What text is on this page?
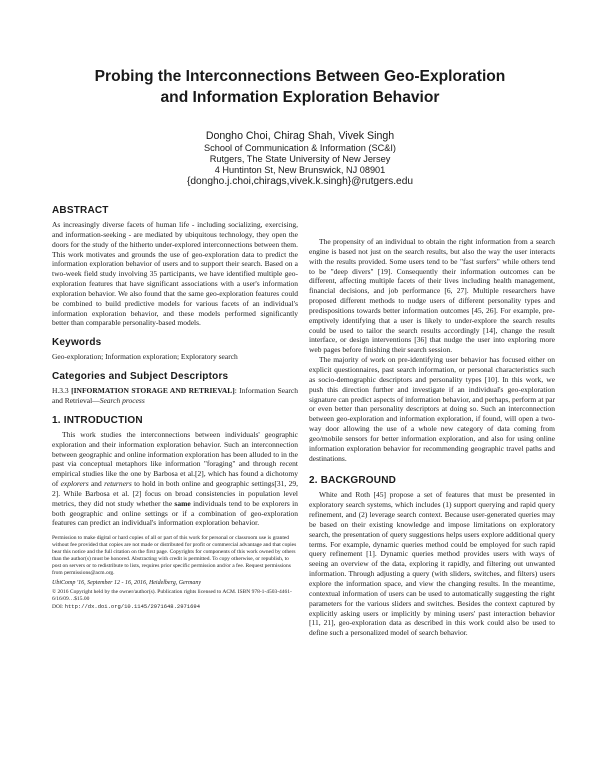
Probing the Interconnections Between Geo-Exploration
and Information Exploration Behavior
Dongho Choi, Chirag Shah, Vivek Singh
School of Communication & Information (SC&I)
Rutgers, The State University of New Jersey
4 Huntinton St, New Brunswick, NJ 08901
{dongho.j.choi,chirags,vivek.k.singh}@rutgers.edu
ABSTRACT

As increasingly diverse facets of human life - including socializing, exercising, and information-seeking - are mediated by ubiquitous technology, they open the doors for the study of the hitherto under-explored interconnections between them. This work motivates and grounds the use of geo-exploration data to predict the information exploration behavior of users and to support their search. Based on a two-week field study involving 35 participants, we have identified multiple geo-exploration features that have significant associations with a user's information exploration behavior. We also found that the same geo-exploration features could be combined to build predictive models for various facets of an individual's information exploration behavior, and these models performed significantly better than comparable personality-based models.

Keywords

Geo-exploration; Information exploration; Exploratory search

Categories and Subject Descriptors

H.3.3 [INFORMATION STORAGE AND RETRIEVAL]: Information Search and Retrieval—Search process

1. INTRODUCTION

This work studies the interconnections between individuals' geographic exploration and their information exploration behavior. Such an interconnection between geographic and online information exploration has been alluded to in the past via conceptual metaphors like information "foraging" and through recent empirical studies like the one by Barbosa et al.[2], which has found a dichotomy of explorers and returners to hold in both online and geographic settings[31, 29, 2]. While Barbosa et al. [2] focus on broad consistencies in population level metrics, they did not study whether the same individuals tend to be explorers in both geographic and online settings or if a combination of geo-exploration features can predict an individual's information exploration behavior.

Permission to make digital or hard copies of all or part of this work for personal or classroom use is granted without fee provided that copies are not made or distributed for profit or commercial advantage and that copies bear this notice and the full citation on the first page. Copyrights for components of this work owned by others than the author(s) must be honored. Abstracting with credit is permitted. To copy otherwise, or republish, to post on servers or to redistribute to lists, requires prior specific permission and/or a fee. Request permissions from permissions@acm.org.

UbiComp '16, September 12 - 16, 2016, Heidelberg, Germany

© 2016 Copyright held by the owner/author(s). Publication rights licensed to ACM. ISBN 978-1-4503-4461-6/16/09…$15.00

DOI: http://dx.doi.org/10.1145/2971648.2971694

The propensity of an individual to obtain the right information from a search engine is based not just on the search results, but also the way the user interacts with the results provided. Some users tend to be "fast surfers" while others tend to be "deep divers" [19]. Consequently their information outcomes can be different, affecting multiple facets of their lives including health management, financial decisions, and job performance [6, 27]. Multiple researchers have proposed different methods to nudge users of different personality types and predispositions towards better information outcomes [45, 26]. For example, pre-emptively identifying that a user is likely to under-explore the search results could be used to tailor the search results accordingly [14], change the result interface, or design interventions [36] that nudge the user into exploring more web pages before finishing their search session.

The majority of work on pre-identifying user behavior has focused either on explicit questionnaires, past search information, or personal characteristics such as socio-demographic descriptors and personality types [10]. In this work, we push this direction further and investigate if an individual's geo-exploration signature can predict aspects of information behavior, and perhaps, perform at par or even better than personality descriptors at doing so. Such an interconnection between geo-exploration and information exploration, if found, will open a two-way door allowing the use of a whole new category of data coming from geo/mobile sensors for better information exploration, and also for using online information exploration behavior for recommending geographic travel paths and destinations.

2. BACKGROUND

White and Roth [45] propose a set of features that must be presented in exploratory search systems, which includes (1) support querying and rapid query refinement, and (2) leverage search context. Because user-generated queries may be based on their existing knowledge and impose limitations on exploratory search, the presentation of query suggestions helps users explore additional query terms. For example, dynamic queries method could be employed for such rapid query refinement [1]. Dynamic queries method provides users with ways of seeing an overview of the data, exploring it rapidly, and filtering out unwanted information. Through adjusting a query (with sliders, switches, and filters) users explore the information space, and view the changing results. In the meantime, contextual information of users can be used to automatically suggesting the right parameters for the various sliders and switches. Besides the context captured by explicitly asking users or implicitly by mining users' past interaction behavior [11, 21], geo-exploration data as described in this work could also be used to define such a personalized model of search behavior.
